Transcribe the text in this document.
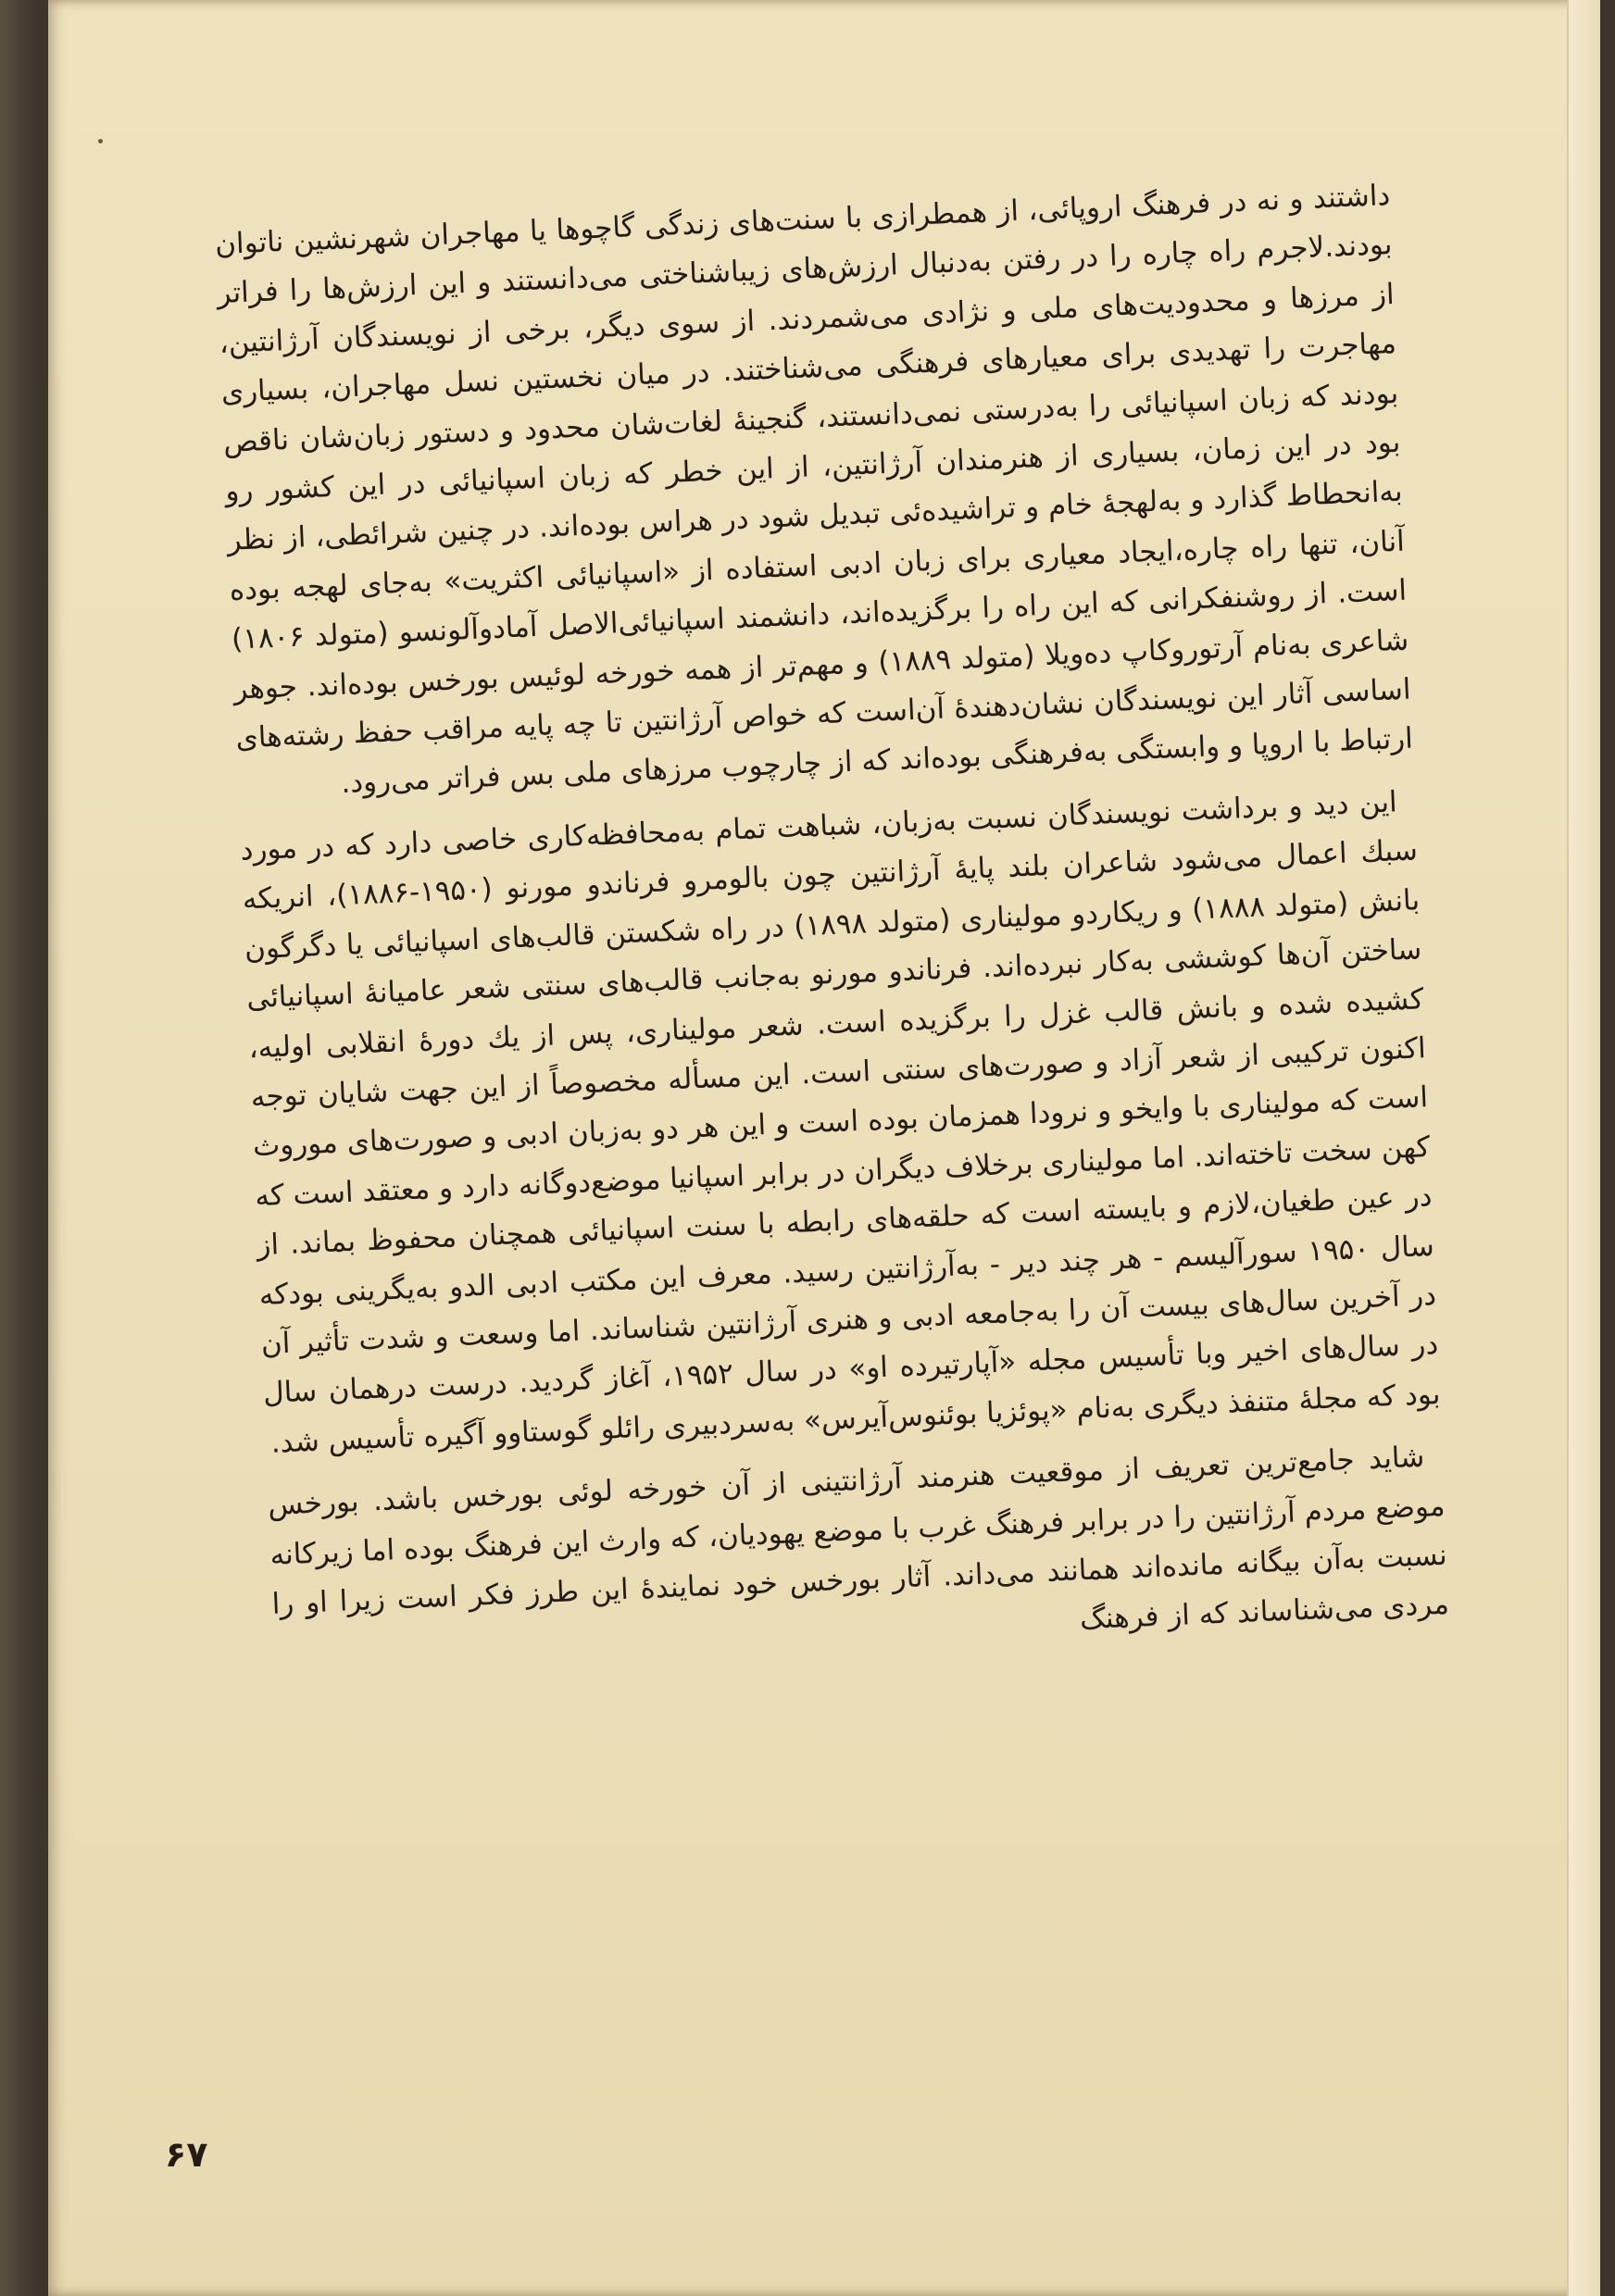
داشتند و نه در فرهنگ اروپائی، از همطرازی با سنت‌های زندگی گاچوها یا مهاجران شهرنشین ناتوان بودند.لاجرم راه چاره را در رفتن به‌دنبال ارزش‌های زیباشناختی می‌دانستند و این ارزش‌ها را فراتر از مرزها و محدودیت‌های ملی و نژادی می‌شمردند. از سوی دیگر، برخی از نویسندگان آرژانتین، مهاجرت را تهدیدی برای معیارهای فرهنگی می‌شناختند. در میان نخستین نسل مهاجران، بسیاری بودند که زبان اسپانیائی را به‌درستی نمی‌دانستند، گنجینهٔ لغات‌شان محدود و دستور زبان‌شان ناقص بود در این زمان، بسیاری از هنرمندان آرژانتین، از این خطر که زبان اسپانیائی در این کشور رو به‌انحطاط گذارد و به‌لهجهٔ خام و تراشیده‌ئی تبدیل شود در هراس بوده‌اند. در چنین شرائطی، از نظر آنان، تنها راه چاره،ایجاد معیاری برای زبان ادبی استفاده از «اسپانیائی اکثریت» به‌جای لهجه بوده است. از روشنفکرانی که این راه را برگزیده‌اند، دانشمند اسپانیائی‌الاصل آمادوآلونسو (متولد ۱۸۰۶) شاعری به‌نام آرتوروکاپ ده‌ویلا (متولد ۱۸۸۹) و مهم‌تر از همه خورخه لوئیس بورخس بوده‌اند. جوهر اساسی آثار این نویسندگان نشان‌دهندهٔ آن‌است که خواص آرژانتین تا چه پایه مراقب حفظ رشته‌های ارتباط با اروپا و وابستگی به‌فرهنگی بوده‌اند که از چارچوب مرزهای ملی بس فراتر می‌رود.

این دید و برداشت نویسندگان نسبت به‌زبان، شباهت تمام به‌محافظه‌کاری خاصی دارد که در مورد سبك اعمال می‌شود شاعران بلند پایهٔ آرژانتین چون بالومرو فرناندو مورنو (۱۹۵۰-۱۸۸۶)، انریکه بانش (متولد ۱۸۸۸) و ریکاردو مولیناری (متولد ۱۸۹۸) در راه شکستن قالب‌های اسپانیائی یا دگرگون ساختن آن‌ها کوششی به‌کار نبرده‌اند. فرناندو مورنو به‌جانب قالب‌های سنتی شعر عامیانهٔ اسپانیائی کشیده شده و بانش قالب غزل را برگزیده است. شعر مولیناری، پس از یك دورهٔ انقلابی اولیه، اکنون ترکیبی از شعر آزاد و صورت‌های سنتی است. این مسأله مخصوصاً از این جهت شایان توجه است که مولیناری با وایخو و نرودا همزمان بوده است و این هر دو به‌زبان ادبی و صورت‌های موروث کهن سخت تاخته‌اند. اما مولیناری برخلاف دیگران در برابر اسپانیا موضع‌دوگانه دارد و معتقد است که در عین طغیان،لازم و بایسته است که حلقه‌های رابطه با سنت اسپانیائی همچنان محفوظ بماند. از سال ۱۹۵۰ سورآلیسم - هر چند دیر - به‌آرژانتین رسید. معرف این مکتب ادبی الدو به‌یگرینی بودکه در آخرین سال‌های بیست آن را به‌جامعه ادبی و هنری آرژانتین شناساند. اما وسعت و شدت تأثیر آن در سال‌های اخیر وبا تأسیس مجله «آپارتیرده او» در سال ۱۹۵۲، آغاز گردید. درست درهمان سال بود که مجلهٔ متنفذ دیگری به‌نام «پوئزیا بوئنوس‌آیرس» به‌سردبیری رائلو گوستاوو آگیره تأسیس شد.

شاید جامع‌ترین تعریف از موقعیت هنرمند آرژانتینی از آن خورخه لوئی بورخس باشد. بورخس موضع مردم آرژانتین را در برابر فرهنگ غرب با موضع یهودیان، که وارث این فرهنگ بوده اما زیرکانه نسبت به‌آن بیگانه مانده‌اند همانند می‌داند. آثار بورخس خود نمایندهٔ این طرز فکر است زیرا او را مردی می‌شناساند که از فرهنگ

۶۷
